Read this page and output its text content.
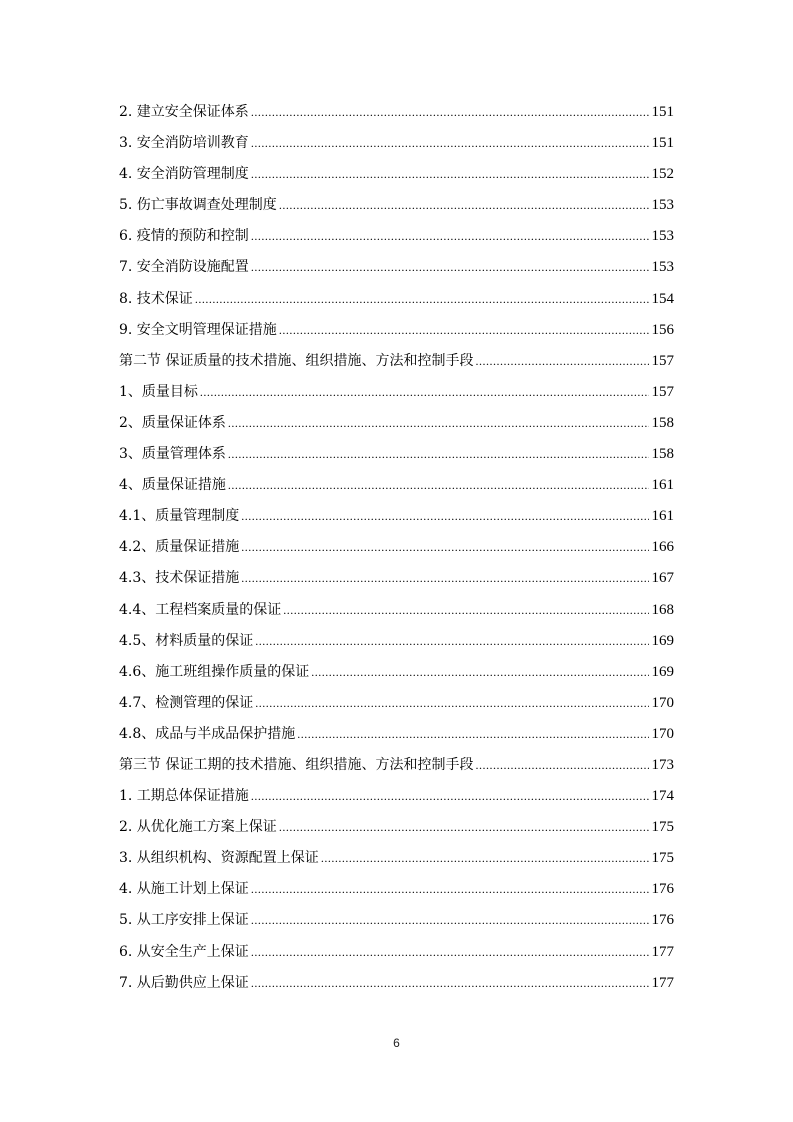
2. 建立安全保证体系 .....	151
3. 安全消防培训教育 .....	151
4. 安全消防管理制度 .....	152
5. 伤亡事故调查处理制度 .....	153
6. 疫情的预防和控制 .....	153
7. 安全消防设施配置 .....	153
8. 技术保证 .....	154
9. 安全文明管理保证措施 .....	156
第二节 保证质量的技术措施、组织措施、方法和控制手段 .....	157
1、质量目标 .....	157
2、质量保证体系 .....	158
3、质量管理体系 .....	158
4、质量保证措施 .....	161
4.1、质量管理制度 .....	161
4.2、质量保证措施 .....	166
4.3、技术保证措施 .....	167
4.4、工程档案质量的保证 .....	168
4.5、材料质量的保证 .....	169
4.6、施工班组操作质量的保证 .....	169
4.7、检测管理的保证 .....	170
4.8、成品与半成品保护措施 .....	170
第三节 保证工期的技术措施、组织措施、方法和控制手段 .....	173
1. 工期总体保证措施 .....	174
2. 从优化施工方案上保证 .....	175
3. 从组织机构、资源配置上保证 .....	175
4. 从施工计划上保证 .....	176
5. 从工序安排上保证 .....	176
6. 从安全生产上保证 .....	177
7. 从后勤供应上保证 .....	177
6
